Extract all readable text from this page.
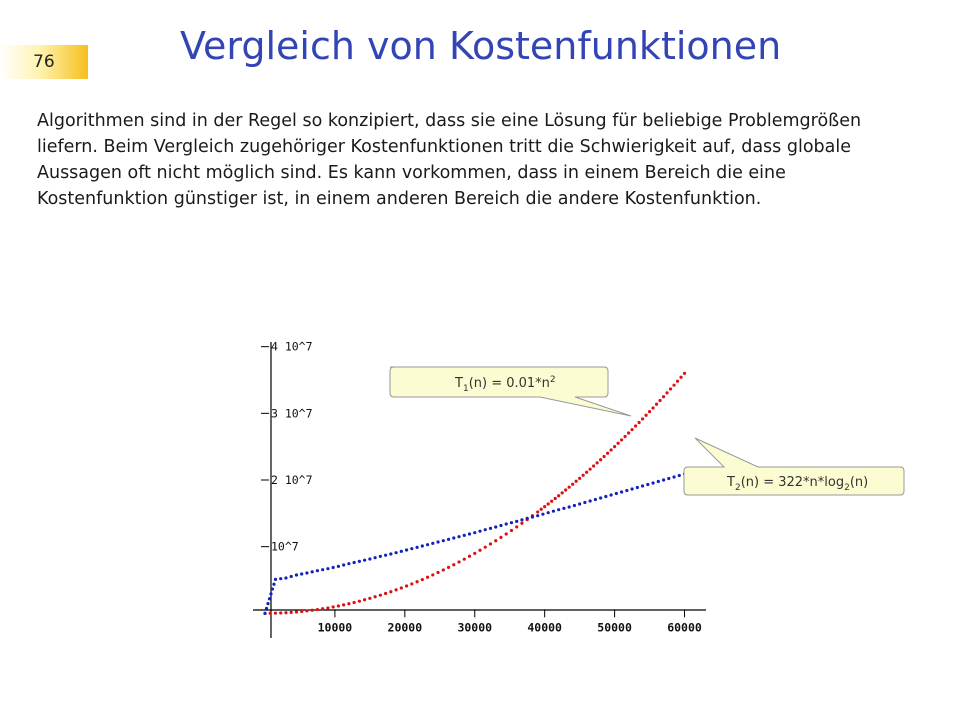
76	Vergleich von Kostenfunktionen
Algorithmen sind in der Regel so konzipiert, dass sie eine Lösung für beliebige Problemgrößen
liefern. Beim Vergleich zugehöriger Kostenfunktionen tritt die Schwierigkeit auf, dass globale
Aussagen oft nicht möglich sind. Es kann vorkommen, dass in einem Bereich die eine
Kostenfunktion günstiger ist, in einem anderen Bereich die andere Kostenfunktion.
10000	20000	30000	40000	50000	60000
10^7
2 10^7
3 10^7
4 10^7
$T_1(n) = 0.01*n^2$
$T_2(n) = 322*n*\log_2(n)$
